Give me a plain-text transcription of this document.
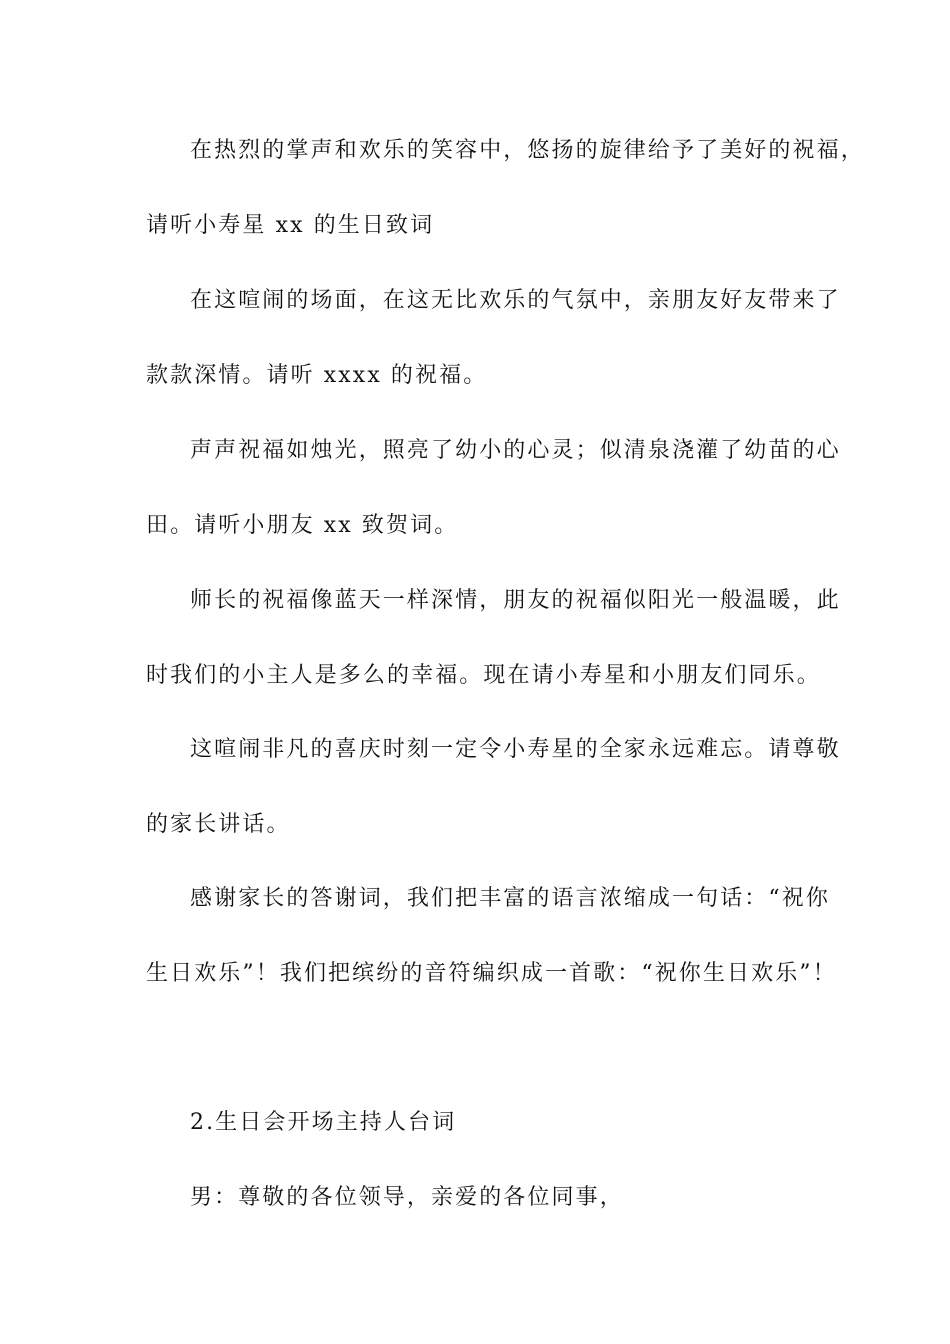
在热烈的掌声和欢乐的笑容中，悠扬的旋律给予了美好的祝福，
请听小寿星 xx 的生日致词
在这喧闹的场面，在这无比欢乐的气氛中，亲朋友好友带来了
款款深情。请听 xxxx 的祝福。
声声祝福如烛光，照亮了幼小的心灵；似清泉浇灌了幼苗的心
田。请听小朋友 xx 致贺词。
师长的祝福像蓝天一样深情，朋友的祝福似阳光一般温暖，此
时我们的小主人是多么的幸福。现在请小寿星和小朋友们同乐。
这喧闹非凡的喜庆时刻一定令小寿星的全家永远难忘。请尊敬
的家长讲话。
感谢家长的答谢词，我们把丰富的语言浓缩成一句话：“祝你
生日欢乐”！我们把缤纷的音符编织成一首歌：“祝你生日欢乐”！
2.生日会开场主持人台词
男：尊敬的各位领导，亲爱的各位同事，
